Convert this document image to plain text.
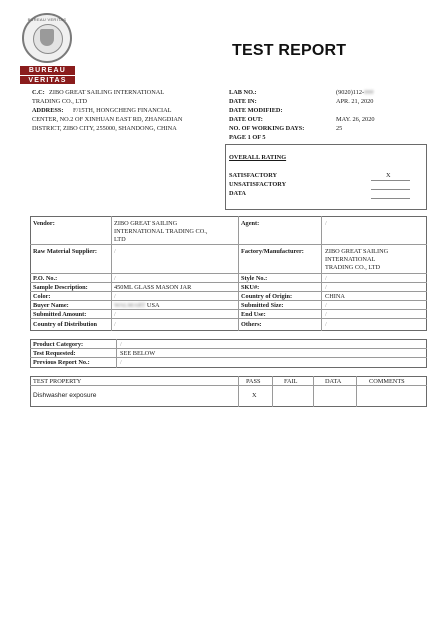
BUREAU VERITAS
BUREAU
VERITAS
TEST REPORT
C.C: ZIBO GREAT SAILING INTERNATIONAL
TRADING CO., LTD
ADDRESS: F/15TH, HONGCHENG FINANCIAL
CENTER, NO.2 OF XINHUAN EAST RD, ZHANGDIAN
DISTRICT, ZIBO CITY, 255000, SHANDONG, CHINA
LAB NO.:	(9020)112-###
DATE IN:	APR. 21, 2020
DATE MODIFIED:
DATE OUT:	MAY. 26, 2020
NO. OF WORKING DAYS:	25
PAGE 1 OF 5
OVERALL RATING
SATISFACTORY	X
UNSATISFACTORY
DATA
Vendor:	ZIBO GREAT SAILING
INTERNATIONAL TRADING CO.,
LTD
Agent:	/
Raw Material Supplier:	/	Factory/Manufacturer:	ZIBO GREAT SAILING
INTERNATIONAL
TRADING CO., LTD
P.O. No.:	/	Style No.:	/
Sample Description:	450ML GLASS MASON JAR	SKU#:	/
Color:	/	Country of Origin:	CHINA
Buyer Name:	WALMART USA	Submitted Size:	/
Submitted Amount:	/	End Use:	/
Country of Distribution	/	Others:	/
Product Category:	/
Test Requested:	SEE BELOW
Previous Report No.:	/
TEST PROPERTY	PASS	FAIL	DATA	COMMENTS
Dishwasher exposure	X
